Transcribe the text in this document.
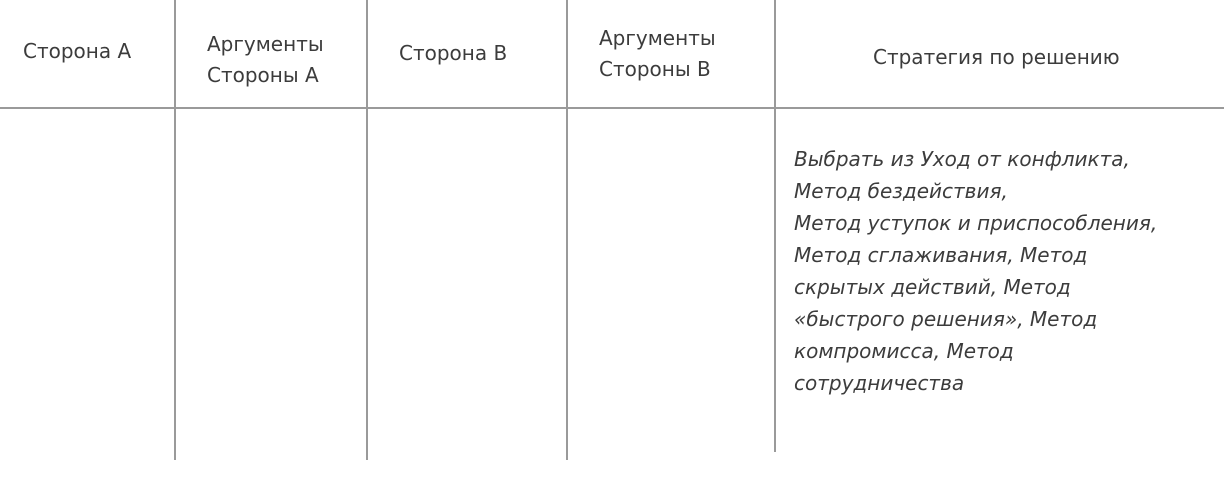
Сторона А	Аргументы
Стороны А
Сторона В
Аргументы
Стороны В	Стратегия по решению
Выбрать из Уход от конфликта,
Метод бездействия,
Метод уступок и приспособления,
Метод сглаживания, Метод
скрытых действий, Метод
«быстрого решения», Метод
компромисса, Метод
сотрудничества
